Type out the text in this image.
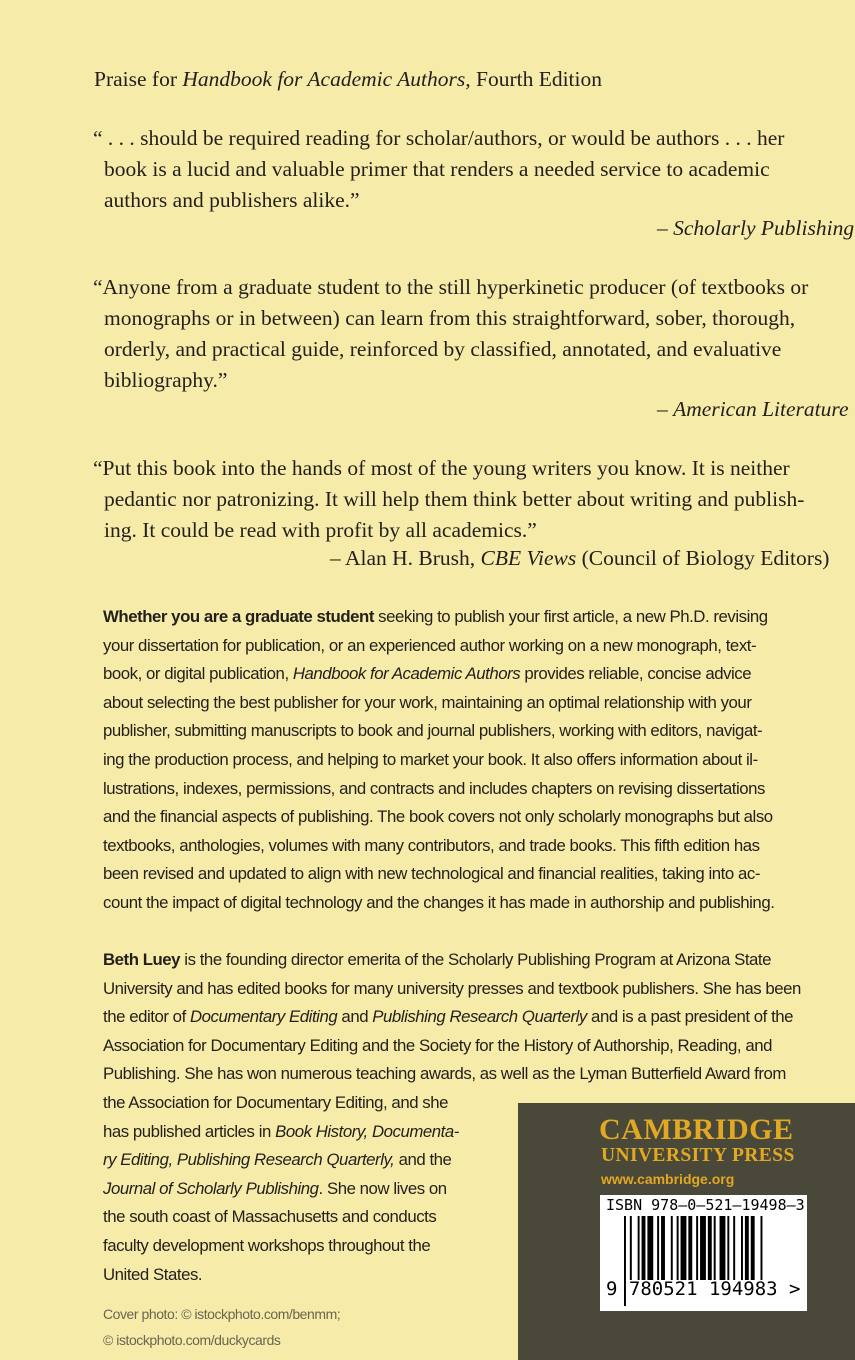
Praise for Handbook for Academic Authors, Fourth Edition
“ . . . should be required reading for scholar/authors, or would be authors . . . her
book is a lucid and valuable primer that renders a needed service to academic
authors and publishers alike.”
– Scholarly Publishing
“Anyone from a graduate student to the still hyperkinetic producer (of textbooks or
monographs or in between) can learn from this straightforward, sober, thorough,
orderly, and practical guide, reinforced by classified, annotated, and evaluative
bibliography.”
– American Literature
“Put this book into the hands of most of the young writers you know. It is neither
pedantic nor patronizing. It will help them think better about writing and publish-
ing. It could be read with profit by all academics.”
– Alan H. Brush, CBE Views (Council of Biology Editors)
Whether you are a graduate student seeking to publish your first article, a new Ph.D. revising
your dissertation for publication, or an experienced author working on a new monograph, text-
book, or digital publication, Handbook for Academic Authors provides reliable, concise advice
about selecting the best publisher for your work, maintaining an optimal relationship with your
publisher, submitting manuscripts to book and journal publishers, working with editors, navigat-
ing the production process, and helping to market your book. It also offers information about il-
lustrations, indexes, permissions, and contracts and includes chapters on revising dissertations
and the financial aspects of publishing. The book covers not only scholarly monographs but also
textbooks, anthologies, volumes with many contributors, and trade books. This fifth edition has
been revised and updated to align with new technological and financial realities, taking into ac-
count the impact of digital technology and the changes it has made in authorship and publishing.
Beth Luey is the founding director emerita of the Scholarly Publishing Program at Arizona State
University and has edited books for many university presses and textbook publishers. She has been
the editor of Documentary Editing and Publishing Research Quarterly and is a past president of the
Association for Documentary Editing and the Society for the History of Authorship, Reading, and
Publishing. She has won numerous teaching awards, as well as the Lyman Butterfield Award from
the Association for Documentary Editing, and she
has published articles in Book History, Documenta-
ry Editing, Publishing Research Quarterly, and the
Journal of Scholarly Publishing. She now lives on
the south coast of Massachusetts and conducts
faculty development workshops throughout the
United States.
Cover photo: © istockphoto.com/benmm;
© istockphoto.com/duckycards
CAMBRIDGE
UNIVERSITY PRESS
www.cambridge.org
ISBN 978–0–521–19498–3
9 780521 194983 >
